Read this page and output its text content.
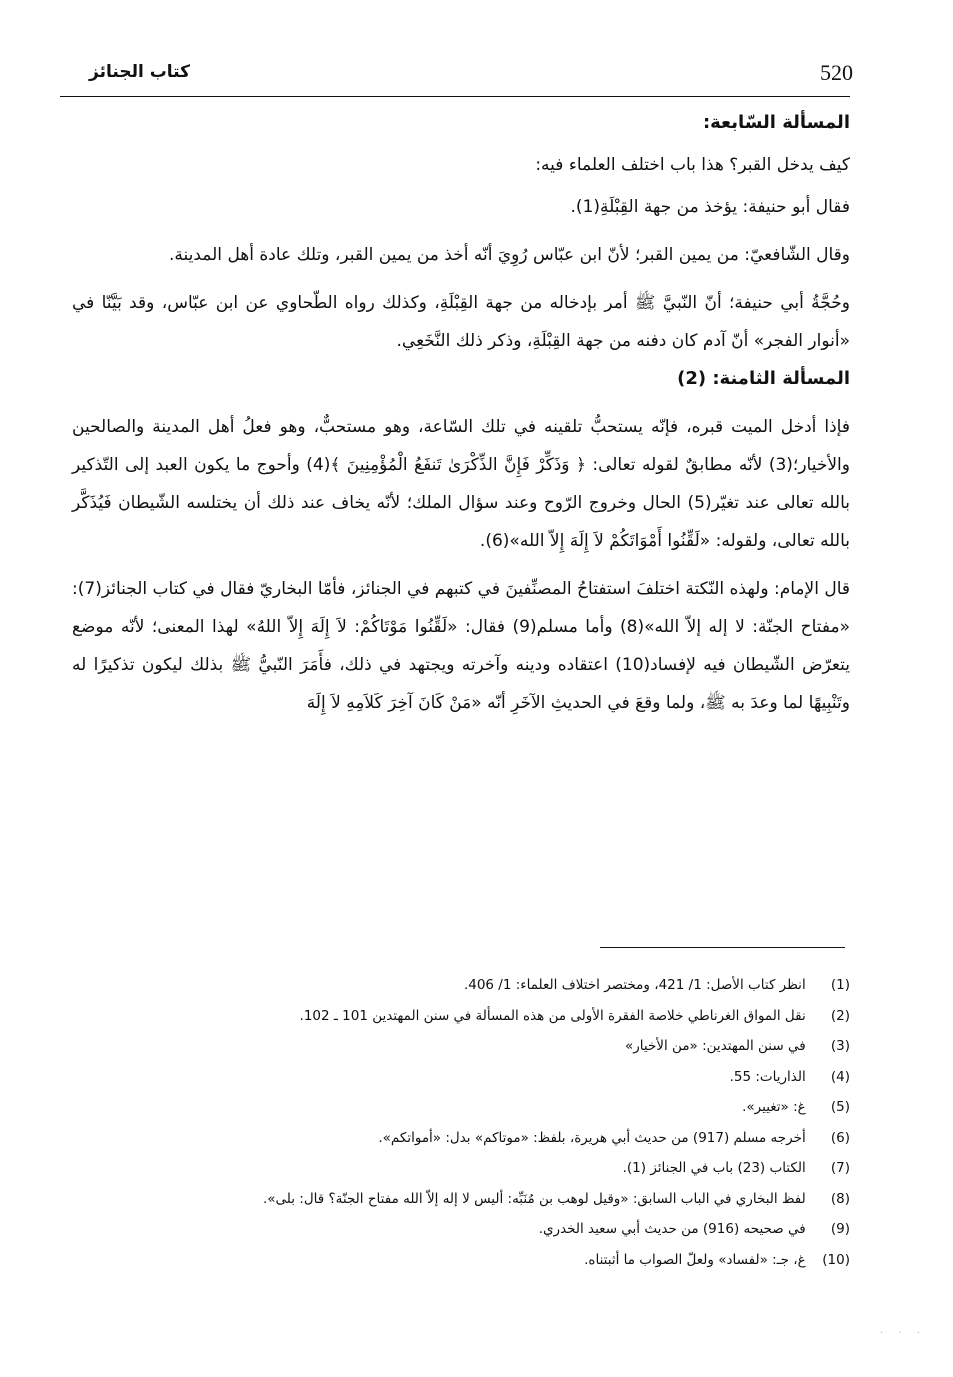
520
كتاب الجنائز

المسألة السّابعة:

كيف يدخل القبر؟ هذا باب اختلف العلماء فيه:

فقال أبو حنيفة: يؤخذ من جهة القِبْلَةِ(1).

وقال الشّافعيّ: من يمين القبر؛ لأنّ ابن عبّاس رُوِيَ أنّه أخذ من يمين القبر، وتلك عادة أهل المدينة.

وحُجَّةُ أبي حنيفة؛ أنّ النّبيَّ ﷺ أمر بإدخاله من جهة القِبْلَةِ، وكذلك رواه الطّحاوي عن ابن عبّاس، وقد بَيَّنّا في «أنوار الفجر» أنّ آدم كان دفنه من جهة القِبْلَةِ، وذكر ذلك النَّخَعِي.

المسألة الثامنة: (2)

فإذا أدخل الميت قبره، فإنّه يستحبُّ تلقينه في تلك السّاعة، وهو مستحبٌّ، وهو فعلُ أهل المدينة والصالحين والأخيار؛(3) لأنّه مطابقٌ لقوله تعالى: ﴿ وَذَكِّرْ فَإِنَّ الذِّكْرَىٰ تَنفَعُ الْمُؤْمِنِينَ ﴾(4) وأحوج ما يكون العبد إلى التّذكير بالله تعالى عند تغيّر(5) الحال وخروج الرّوح وعند سؤال الملك؛ لأنّه يخاف عند ذلك أن يختلسه الشّيطان فَيُذَكَّر بالله تعالى، ولقوله: «لَقِّنُوا أَمْوَاتَكُمْ لاَ إِلَهَ إِلاّ الله»(6).

قال الإمام: ولهذه النّكتة اختلفَ استفتاحُ المصنِّفينَ في كتبهم في الجنائز، فأمّا البخاريّ فقال في كتاب الجنائز(7): «مفتاح الجنّة: لا إله إلاّ الله»(8) وأما مسلم(9) فقال: «لَقِّنُوا مَوْتَاكُمْ: لاَ إِلَهَ إِلاّ اللهُ» لهذا المعنى؛ لأنّه موضع يتعرّض الشّيطان فيه لإفساد(10) اعتقاده ودينه وآخرته ويجتهد في ذلك، فأَمَرَ النّبيُّ ﷺ بذلك ليكون تذكيرًا له وتَنْبِيهًا لما وعدَ به ﷺ، ولما وقعَ في الحديثِ الآخَرِ أنّه «مَنْ كَانَ آخِرَ كَلاَمِهِ لاَ إِلَهَ

(1) انظر كتاب الأصل: 1/ 421، ومختصر اختلاف العلماء: 1/ 406.
(2) نقل المواق الغرناطي خلاصة الفقرة الأولى من هذه المسألة في سنن المهتدين 101 ـ 102.
(3) في سنن المهتدين: «من الأخيار»
(4) الذاريات: 55.
(5) غ: «تغيير».
(6) أخرجه مسلم (917) من حديث أبي هريرة، بلفظ: «موتاكم» بدل: «أمواتكم».
(7) الكتاب (23) باب في الجنائز (1).
(8) لفظ البخاري في الباب السابق: «وقيل لوهب بن مُنَبِّه: أليس لا إله إلاّ الله مفتاح الجنّة؟ قال: بلى».
(9) في صحيحه (916) من حديث أبي سعيد الخدري.
(10) غ، جـ: «لفساد» ولعلّ الصواب ما أثبتناه.
· · ·
